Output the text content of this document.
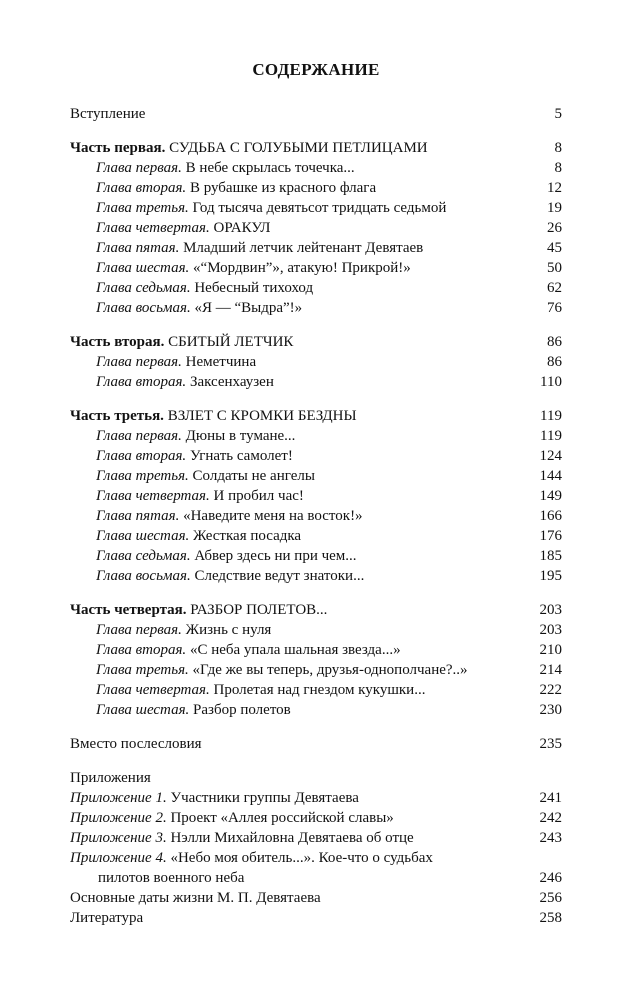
СОДЕРЖАНИЕ
Вступление	5
Часть первая. СУДЬБА С ГОЛУБЫМИ ПЕТЛИЦАМИ	8
Глава первая. В небе скрылась точечка...	8
Глава вторая. В рубашке из красного флага	12
Глава третья. Год тысяча девятьсот тридцать седьмой	19
Глава четвертая. ОРАКУЛ	26
Глава пятая. Младший летчик лейтенант Девятаев	45
Глава шестая. «“Мордвин”», атакую! Прикрой!»	50
Глава седьмая. Небесный тихоход	62
Глава восьмая. «Я — “Выдра”!»	76
Часть вторая. СБИТЫЙ ЛЕТЧИК	86
Глава первая. Неметчина	86
Глава вторая. Заксенхаузен	110
Часть третья. ВЗЛЕТ С КРОМКИ БЕЗДНЫ	119
Глава первая. Дюны в тумане...	119
Глава вторая. Угнать самолет!	124
Глава третья. Солдаты не ангелы	144
Глава четвертая. И пробил час!	149
Глава пятая. «Наведите меня на восток!»	166
Глава шестая. Жесткая посадка	176
Глава седьмая. Абвер здесь ни при чем...	185
Глава восьмая. Следствие ведут знатоки...	195
Часть четвертая. РАЗБОР ПОЛЕТОВ...	203
Глава первая. Жизнь с нуля	203
Глава вторая. «С неба упала шальная звезда...»	210
Глава третья. «Где же вы теперь, друзья-однополчане?..»	214
Глава четвертая. Пролетая над гнездом кукушки...	222
Глава шестая. Разбор полетов	230
Вместо послесловия	235
Приложения
Приложение 1. Участники группы Девятаева	241
Приложение 2. Проект «Аллея российской славы»	242
Приложение 3. Нэлли Михайловна Девятаева об отце	243
Приложение 4. «Небо моя обитель...». Кое-что о судьбах
пилотов военного неба	246
Основные даты жизни М. П. Девятаева	256
Литература	258
